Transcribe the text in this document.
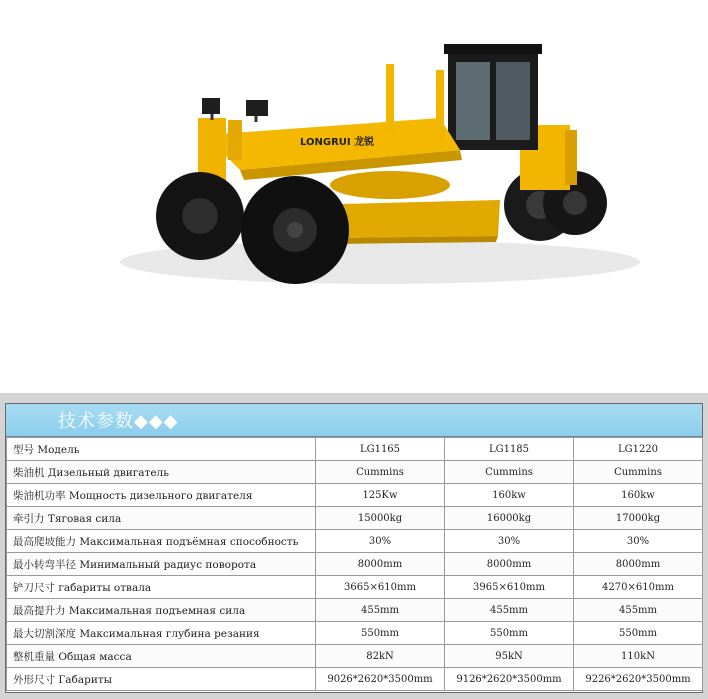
LONGRUI 龙锐
技术参数◆◆◆
型号 Модель	LG1165	LG1185	LG1220
柴油机 Дизельный двигатель	Cummins	Cummins	Cummins
柴油机功率 Мощность дизельного двигателя	125Kw	160kw	160kw
牵引力 Тяговая сила	15000kg	16000kg	17000kg
最高爬坡能力 Максимальная подъёмная способность	30%	30%	30%
最小转弯半径 Минимальный радиус поворота	8000mm	8000mm	8000mm
铲刀尺寸 габариты отвала	3665×610mm	3965×610mm	4270×610mm
最高提升力 Максимальная подъемная сила	455mm	455mm	455mm
最大切割深度 Максимальная глубина резания	550mm	550mm	550mm
整机重量 Общая масса	82kN	95kN	110kN
外形尺寸 Габариты	9026*2620*3500mm	9126*2620*3500mm	9226*2620*3500mm
